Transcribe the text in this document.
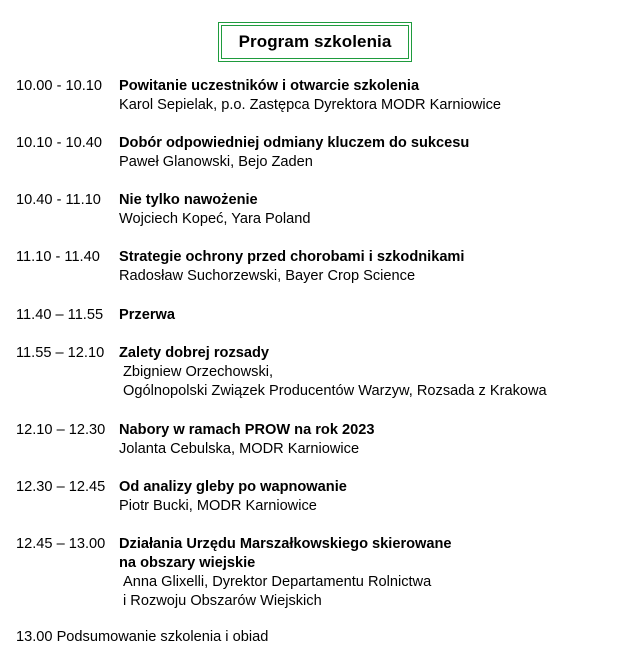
Program szkolenia
10.00 - 10.10 Powitanie uczestników i otwarcie szkolenia
Karol Sepielak, p.o. Zastępca Dyrektora MODR Karniowice
10.10 - 10.40 Dobór odpowiedniej odmiany kluczem do sukcesu
Paweł Glanowski, Bejo Zaden
10.40 - 11.10 Nie tylko nawożenie
Wojciech Kopeć, Yara Poland
11.10 - 11.40 Strategie ochrony przed chorobami i szkodnikami
Radosław Suchorzewski, Bayer Crop Science
11.40 – 11.55 Przerwa
11.55 – 12.10 Zalety dobrej rozsady
Zbigniew Orzechowski,
Ogólnopolski Związek Producentów Warzyw, Rozsada z Krakowa
12.10 – 12.30 Nabory w ramach PROW na rok 2023
Jolanta Cebulska, MODR Karniowice
12.30 – 12.45 Od analizy gleby po wapnowanie
Piotr Bucki, MODR Karniowice
12.45 – 13.00 Działania Urzędu Marszałkowskiego skierowane
na obszary wiejskie
Anna Glixelli, Dyrektor Departamentu Rolnictwa
i Rozwoju Obszarów Wiejskich
13.00 Podsumowanie szkolenia i obiad
